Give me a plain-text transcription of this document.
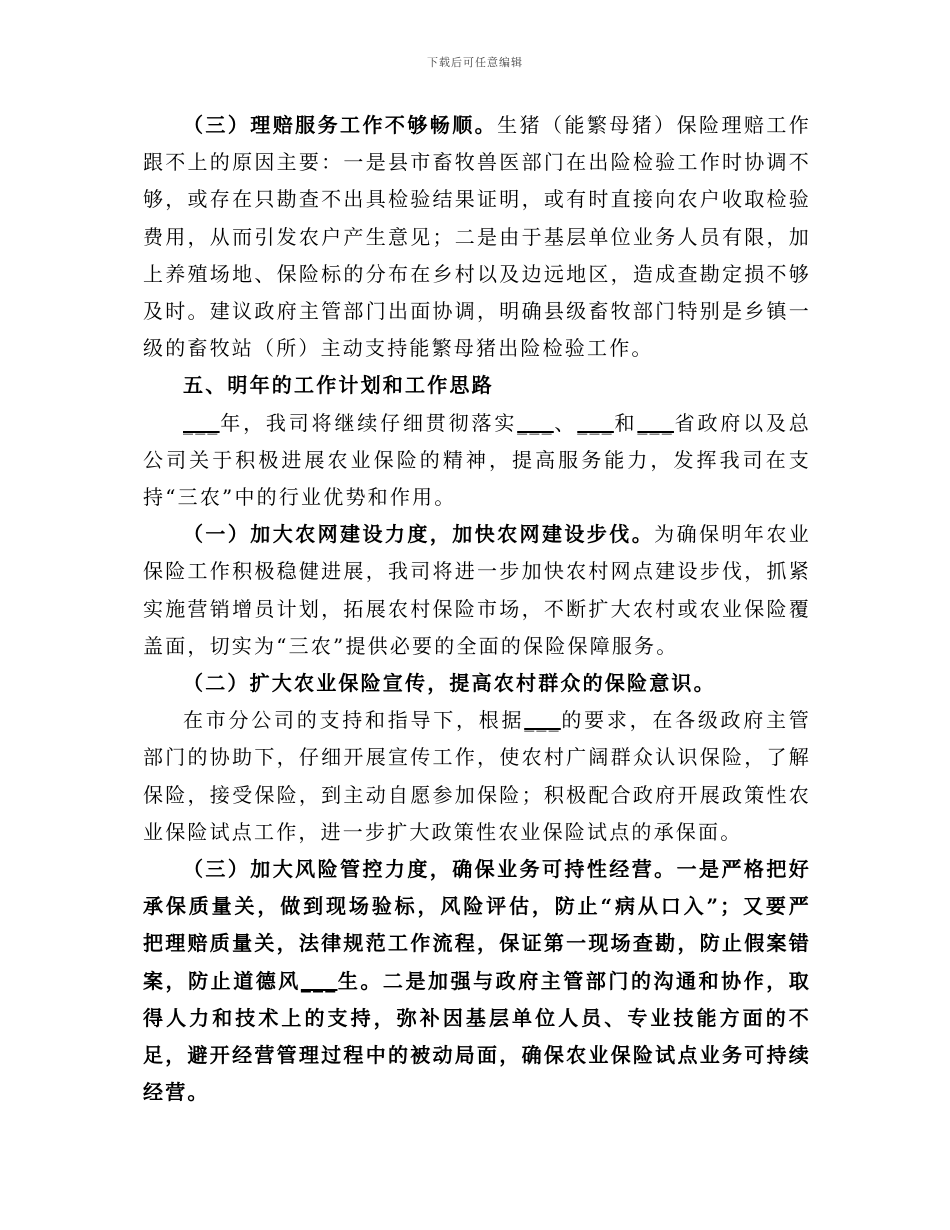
下载后可任意编辑

（三）理赔服务工作不够畅顺。生猪（能繁母猪）保险理赔工作跟不上的原因主要：一是县市畜牧兽医部门在出险检验工作时协调不够，或存在只勘查不出具检验结果证明，或有时直接向农户收取检验费用，从而引发农户产生意见；二是由于基层单位业务人员有限，加上养殖场地、保险标的分布在乡村以及边远地区，造成查勘定损不够及时。建议政府主管部门出面协调，明确县级畜牧部门特别是乡镇一级的畜牧站（所）主动支持能繁母猪出险检验工作。

五、明年的工作计划和工作思路

___年，我司将继续仔细贯彻落实___、___和___省政府以及总公司关于积极进展农业保险的精神，提高服务能力，发挥我司在支持“三农”中的行业优势和作用。

（一）加大农网建设力度，加快农网建设步伐。为确保明年农业保险工作积极稳健进展，我司将进一步加快农村网点建设步伐，抓紧实施营销增员计划，拓展农村保险市场，不断扩大农村或农业保险覆盖面，切实为“三农”提供必要的全面的保险保障服务。

（二）扩大农业保险宣传，提高农村群众的保险意识。

在市分公司的支持和指导下，根据___的要求，在各级政府主管部门的协助下，仔细开展宣传工作，使农村广阔群众认识保险，了解保险，接受保险，到主动自愿参加保险；积极配合政府开展政策性农业保险试点工作，进一步扩大政策性农业保险试点的承保面。

（三）加大风险管控力度，确保业务可持性经营。一是严格把好承保质量关，做到现场验标，风险评估，防止“病从口入”；又要严把理赔质量关，法律规范工作流程，保证第一现场查勘，防止假案错案，防止道德风___生。二是加强与政府主管部门的沟通和协作，取得人力和技术上的支持，弥补因基层单位人员、专业技能方面的不足，避开经营管理过程中的被动局面，确保农业保险试点业务可持续经营。
